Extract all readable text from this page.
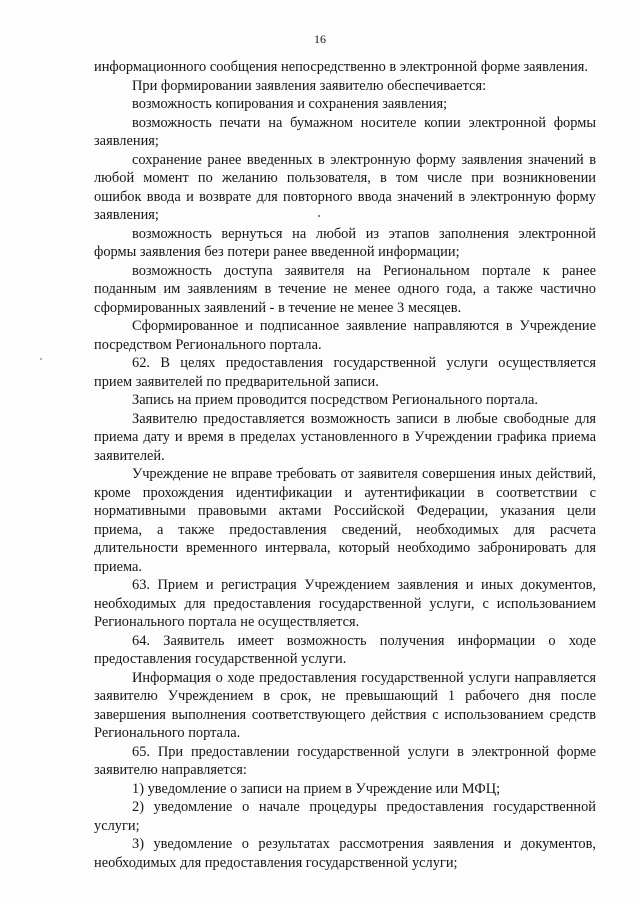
16

информационного сообщения непосредственно в электронной форме заявления.

При формировании заявления заявителю обеспечивается:

возможность копирования и сохранения заявления;

возможность печати на бумажном носителе копии электронной формы заявления;

сохранение ранее введенных в электронную форму заявления значений в любой момент по желанию пользователя, в том числе при возникновении ошибок ввода и возврате для повторного ввода значений в электронную форму заявления;

возможность вернуться на любой из этапов заполнения электронной формы заявления без потери ранее введенной информации;

возможность доступа заявителя на Региональном портале к ранее поданным им заявлениям в течение не менее одного года, а также частично сформированных заявлений - в течение не менее 3 месяцев.

Сформированное и подписанное заявление направляются в Учреждение посредством Регионального портала.

62. В целях предоставления государственной услуги осуществляется прием заявителей по предварительной записи.

Запись на прием проводится посредством Регионального портала.

Заявителю предоставляется возможность записи в любые свободные для приема дату и время в пределах установленного в Учреждении графика приема заявителей.

Учреждение не вправе требовать от заявителя совершения иных действий, кроме прохождения идентификации и аутентификации в соответствии с нормативными правовыми актами Российской Федерации, указания цели приема, а также предоставления сведений, необходимых для расчета длительности временного интервала, который необходимо забронировать для приема.

63. Прием и регистрация Учреждением заявления и иных документов, необходимых для предоставления государственной услуги, с использованием Регионального портала не осуществляется.

64. Заявитель имеет возможность получения информации о ходе предоставления государственной услуги.

Информация о ходе предоставления государственной услуги направляется заявителю Учреждением в срок, не превышающий 1 рабочего дня после завершения выполнения соответствующего действия с использованием средств Регионального портала.

65. При предоставлении государственной услуги в электронной форме заявителю направляется:

1) уведомление о записи на прием в Учреждение или МФЦ;

2) уведомление о начале процедуры предоставления государственной услуги;

3) уведомление о результатах рассмотрения заявления и документов, необходимых для предоставления государственной услуги;
